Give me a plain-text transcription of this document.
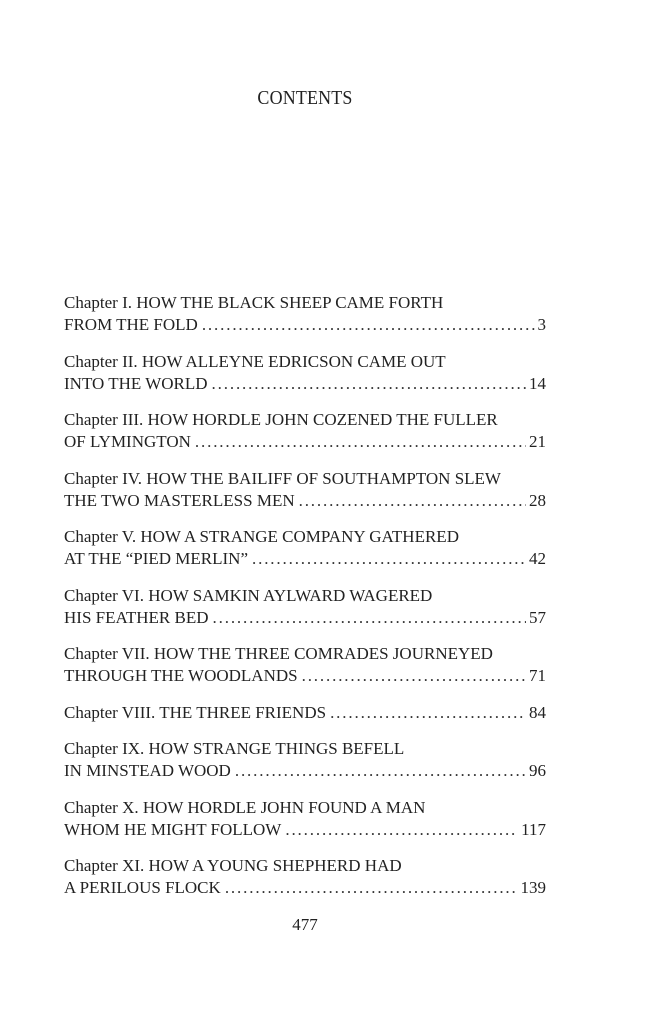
CONTENTS
Chapter I. HOW THE BLACK SHEEP CAME FORTH
FROM THE FOLD . . .	3
Chapter II. HOW ALLEYNE EDRICSON CAME OUT
INTO THE WORLD . . .	14
Chapter III. HOW HORDLE JOHN COZENED THE FULLER
OF LYMINGTON . . .	21
Chapter IV. HOW THE BAILIFF OF SOUTHAMPTON SLEW
THE TWO MASTERLESS MEN . . .	28
Chapter V. HOW A STRANGE COMPANY GATHERED
AT THE “PIED MERLIN” . . .	42
Chapter VI. HOW SAMKIN AYLWARD WAGERED
HIS FEATHER BED . . .	57
Chapter VII. HOW THE THREE COMRADES JOURNEYED
THROUGH THE WOODLANDS . . .	71
Chapter VIII. THE THREE FRIENDS . . .	84
Chapter IX. HOW STRANGE THINGS BEFELL
IN MINSTEAD WOOD . . .	96
Chapter X. HOW HORDLE JOHN FOUND A MAN
WHOM HE MIGHT FOLLOW . . .	117
Chapter XI. HOW A YOUNG SHEPHERD HAD
A PERILOUS FLOCK . . .	139
477
